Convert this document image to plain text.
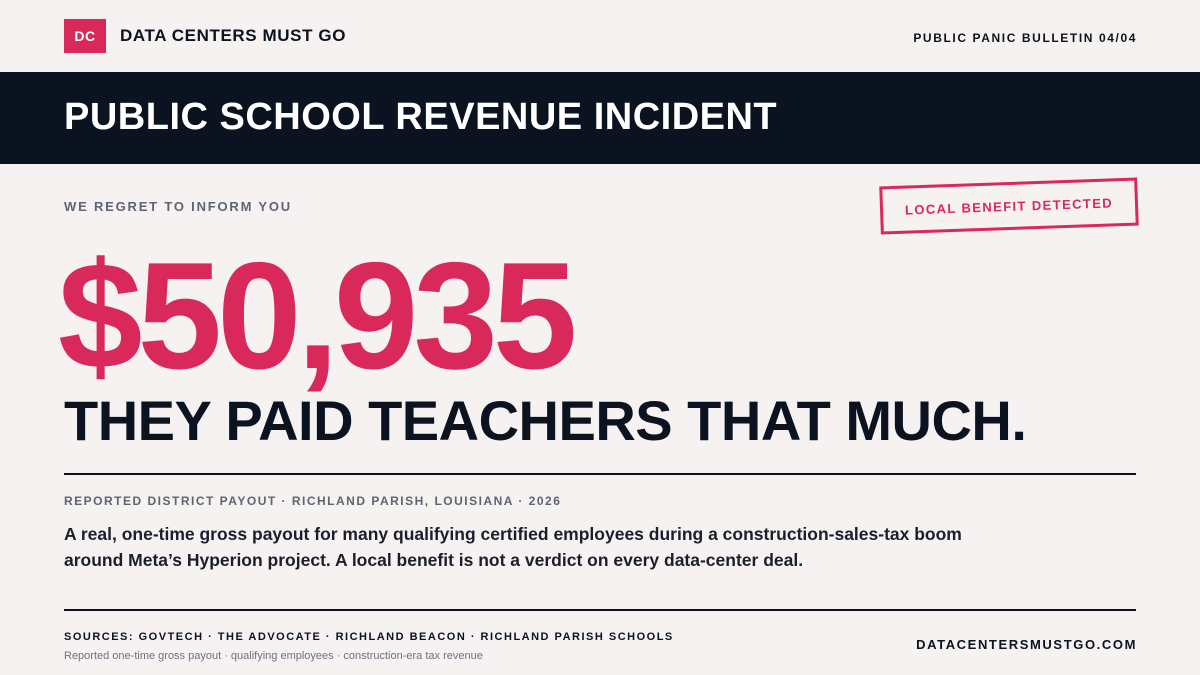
DC	DATA CENTERS MUST GO	PUBLIC PANIC BULLETIN 04/04
PUBLIC SCHOOL REVENUE INCIDENT
WE REGRET TO INFORM YOU	LOCAL BENEFIT DETECTED
$50,935
THEY PAID TEACHERS THAT MUCH.
REPORTED DISTRICT PAYOUT · RICHLAND PARISH, LOUISIANA · 2026
A real, one-time gross payout for many qualifying certified employees during a construction-sales-tax boom around Meta’s Hyperion project. A local benefit is not a verdict on every data-center deal.
SOURCES: GOVTECH · THE ADVOCATE · RICHLAND BEACON · RICHLAND PARISH SCHOOLS
Reported one-time gross payout · qualifying employees · construction-era tax revenue
DATACENTERSMUSTGO.COM
